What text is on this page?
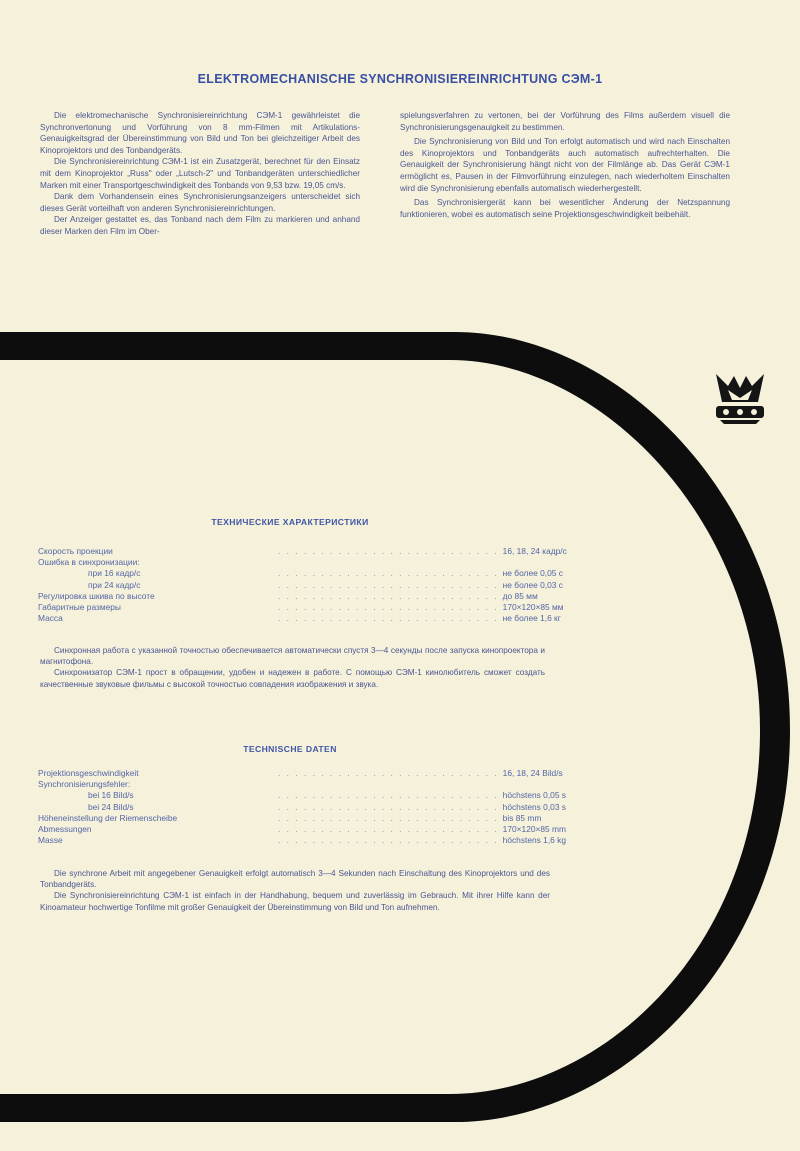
ELEKTROMECHANISCHE SYNCHRONISIEREINRICHTUNG СЭМ-1

Die elektromechanische Synchronisiereinrichtung СЭМ-1 gewährleistet die Synchronvertonung und Vorführung von 8 mm-Filmen mit Artikulations-Genauigkeitsgrad der Übereinstimmung von Bild und Ton bei gleichzeitiger Arbeit des Kinoprojektors und des Tonbandgeräts.

Die Synchronisiereinrichtung СЭМ-1 ist ein Zusatzgerät, berechnet für den Einsatz mit dem Kinoprojektor „Russ" oder „Lutsch-2" und Tonbandgeräten unterschiedlicher Marken mit einer Transportgeschwindigkeit des Tonbands von 9,53 bzw. 19,05 cm/s.

Dank dem Vorhandensein eines Synchronisierungsanzeigers unterscheidet sich dieses Gerät vorteilhaft von anderen Synchronisiereinrichtungen.

Der Anzeiger gestattet es, das Tonband nach dem Film zu markieren und anhand dieser Marken den Film im Ober-

spielungsverfahren zu vertonen, bei der Vorführung des Films außerdem visuell die Synchronisierungsgenauigkeit zu bestimmen.

Die Synchronisierung von Bild und Ton erfolgt automatisch und wird nach Einschalten des Kinoprojektors und Tonbandgeräts auch automatisch aufrechterhalten. Die Genauigkeit der Synchronisierung hängt nicht von der Filmlänge ab. Das Gerät СЭМ-1 ermöglicht es, Pausen in der Filmvorführung einzulegen, nach wiederholtem Einschalten wird die Synchronisierung ebenfalls automatisch wiederhergestellt.

Das Synchronisiergerät kann bei wesentlicher Änderung der Netzspannung funktionieren, wobei es automatisch seine Projektionsgeschwindigkeit beibehält.

ТЕХНИЧЕСКИЕ ХАРАКТЕРИСТИКИ
Скорость проекции	. . . . . . . . . . . . . . . . . . . . . . . . . . 16, 18, 24 кадр/с
Ошибка в синхронизации:
при 16 кадр/с	. . . . . . . . . . . . . . . . . . . . . . . . . . не более 0,05 с
при 24 кадр/с	. . . . . . . . . . . . . . . . . . . . . . . . . . не более 0,03 с
Регулировка шкива по высоте	. . . . . . . . . . . . . . . . . . . . . . . . . . до 85 мм
Габаритные размеры	. . . . . . . . . . . . . . . . . . . . . . . . . . 170×120×85 мм
Масса	. . . . . . . . . . . . . . . . . . . . . . . . . . не более 1,6 кг

Синхронная работа с указанной точностью обеспечивается автоматически спустя 3—4 секунды после запуска кинопроектора и магнитофона.

Синхронизатор СЭМ-1 прост в обращении, удобен и надежен в работе. С помощью СЭМ-1 кинолюбитель сможет создать качественные звуковые фильмы с высокой точностью совпадения изображения и звука.

TECHNISCHE DATEN
Projektionsgeschwindigkeit	. . . . . . . . . . . . . . . . . . . . . . . . . . 16, 18, 24 Bild/s
Synchronisierungsfehler:
bei 16 Bild/s	. . . . . . . . . . . . . . . . . . . . . . . . . . höchstens 0,05 s
bei 24 Bild/s	. . . . . . . . . . . . . . . . . . . . . . . . . . höchstens 0,03 s
Höheneinstellung der Riemenscheibe	. . . . . . . . . . . . . . . . . . . . . . . . . . bis 85 mm
Abmessungen	. . . . . . . . . . . . . . . . . . . . . . . . . . 170×120×85 mm
Masse	. . . . . . . . . . . . . . . . . . . . . . . . . . höchstens 1,6 kg

Die synchrone Arbeit mit angegebener Genauigkeit erfolgt automatisch 3—4 Sekunden nach Einschaltung des Kinoprojektors und des Tonbandgeräts.

Die Synchronisiereinrichtung СЭМ-1 ist einfach in der Handhabung, bequem und zuverlässig im Gebrauch. Mit ihrer Hilfe kann der Kinoamateur hochwertige Tonfilme mit großer Genauigkeit der Übereinstimmung von Bild und Ton aufnehmen.
